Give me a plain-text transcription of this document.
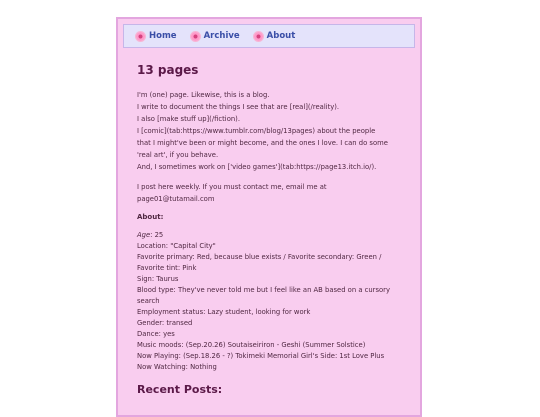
Home	Archive	About
13 pages
I'm (one) page. Likewise, this is a blog.
I write to document the things I see that are [real](/reality).
I also [make stuff up](/fiction).
I [comic](tab:https://www.tumblr.com/blog/13pages) about the people
that I might've been or might become, and the ones I love. I can do some
'real art', if you behave.
And, I sometimes work on ['video games'](tab:https://page13.itch.io/).
I post here weekly. If you must contact me, email me at
page01@tutamail.com
About:
Age: 25
Location: "Capital City"
Favorite primary: Red, because blue exists / Favorite secondary: Green /
Favorite tint: Pink
Sign: Taurus
Blood type: They've never told me but I feel like an AB based on a cursory
search
Employment status: Lazy student, looking for work
Gender: transed
Dance: yes
Music moods: (Sep.20.26) Soutaiseiriron - Geshi (Summer Solstice)
Now Playing: (Sep.18.26 - ?) Tokimeki Memorial Girl's Side: 1st Love Plus
Now Watching: Nothing
Recent Posts:
